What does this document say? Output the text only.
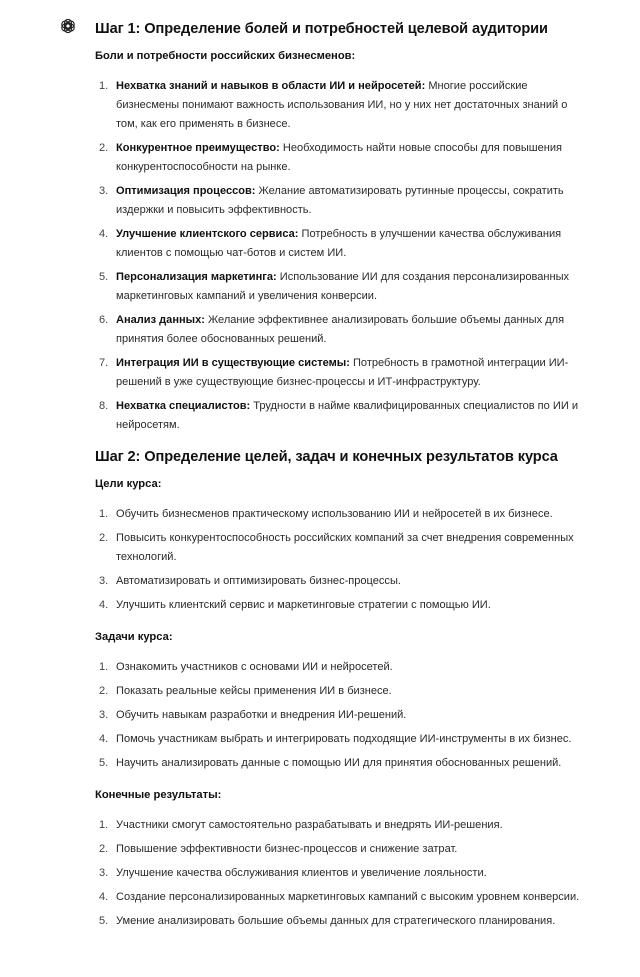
Шаг 1: Определение болей и потребностей целевой аудитории
Боли и потребности российских бизнесменов:
1. Нехватка знаний и навыков в области ИИ и нейросетей: Многие российские бизнесмены понимают важность использования ИИ, но у них нет достаточных знаний о том, как его применять в бизнесе.
2. Конкурентное преимущество: Необходимость найти новые способы для повышения конкурентоспособности на рынке.
3. Оптимизация процессов: Желание автоматизировать рутинные процессы, сократить издержки и повысить эффективность.
4. Улучшение клиентского сервиса: Потребность в улучшении качества обслуживания клиентов с помощью чат-ботов и систем ИИ.
5. Персонализация маркетинга: Использование ИИ для создания персонализированных маркетинговых кампаний и увеличения конверсии.
6. Анализ данных: Желание эффективнее анализировать большие объемы данных для принятия более обоснованных решений.
7. Интеграция ИИ в существующие системы: Потребность в грамотной интеграции ИИ-решений в уже существующие бизнес-процессы и ИТ-инфраструктуру.
8. Нехватка специалистов: Трудности в найме квалифицированных специалистов по ИИ и нейросетям.
Шаг 2: Определение целей, задач и конечных результатов курса
Цели курса:
1. Обучить бизнесменов практическому использованию ИИ и нейросетей в их бизнесе.
2. Повысить конкурентоспособность российских компаний за счет внедрения современных технологий.
3. Автоматизировать и оптимизировать бизнес-процессы.
4. Улучшить клиентский сервис и маркетинговые стратегии с помощью ИИ.
Задачи курса:
1. Ознакомить участников с основами ИИ и нейросетей.
2. Показать реальные кейсы применения ИИ в бизнесе.
3. Обучить навыкам разработки и внедрения ИИ-решений.
4. Помочь участникам выбрать и интегрировать подходящие ИИ-инструменты в их бизнес.
5. Научить анализировать данные с помощью ИИ для принятия обоснованных решений.
Конечные результаты:
1. Участники смогут самостоятельно разрабатывать и внедрять ИИ-решения.
2. Повышение эффективности бизнес-процессов и снижение затрат.
3. Улучшение качества обслуживания клиентов и увеличение лояльности.
4. Создание персонализированных маркетинговых кампаний с высоким уровнем конверсии.
5. Умение анализировать большие объемы данных для стратегического планирования.
